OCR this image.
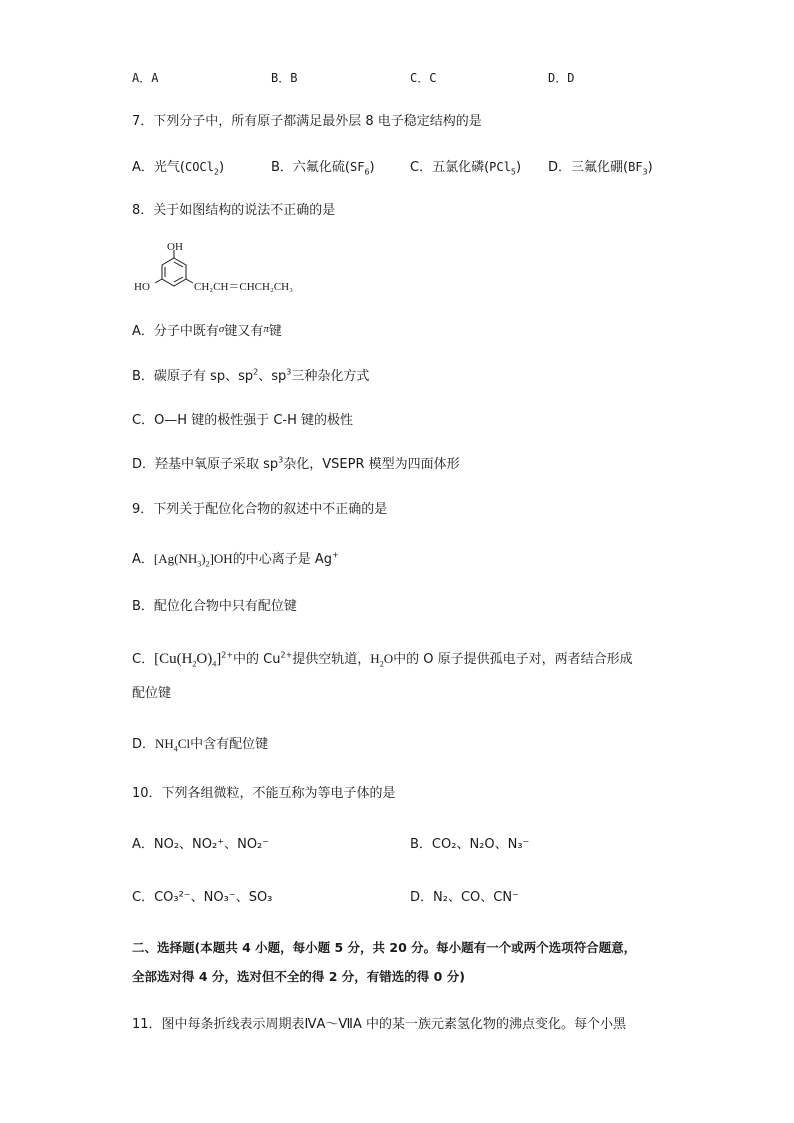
A．A	B．B	C．C	D．D
7．下列分子中，所有原子都满足最外层 8 电子稳定结构的是
A．光气(COCl$_2$)	B．六氟化硫$(SF_6)$	C．五氯化磷(PCl$_5$) D．三氟化硼$(BF_3)$
8．关于如图结构的说法不正确的是
OH
HO	CH₂CH＝CHCH₂CH₃
A．分子中既有$^\sigma$键又有$^\pi$键
B．碳原子有 sp、$sp^2$、$sp^3$三种杂化方式
C．O—H 键的极性强于 C-H 键的极性
D．羟基中氧原子采取 $sp^3$杂化，VSEPR 模型为四面体形
9．下列关于配位化合物的叙述中不正确的是
A．$[Ag(NH_3)_2]OH$的中心离子是 Ag+
B．配位化合物中只有配位键
C．$[Cu(H_2O)_4]^{2+}$中的 $Cu^{2+}$提供空轨道，$H_2O$中的 O 原子提供孤电子对，两者结合形成
配位键
D．$NH_4Cl$中含有配位键
10．下列各组微粒，不能互称为等电子体的是
A．NO₂、NO₂⁺、NO₂⁻	B．CO₂、N₂O、N₃⁻
C．CO₃²⁻、NO₃⁻、SO₃	D．N₂、CO、CN⁻
二、选择题(本题共 4 小题，每小题 5 分，共 20 分。每小题有一个或两个选项符合题意，
全部选对得 4 分，选对但不全的得 2 分，有错选的得 0 分)
11．图中每条折线表示周期表ⅣA～ⅦA 中的某一族元素氢化物的沸点变化。每个小黑
